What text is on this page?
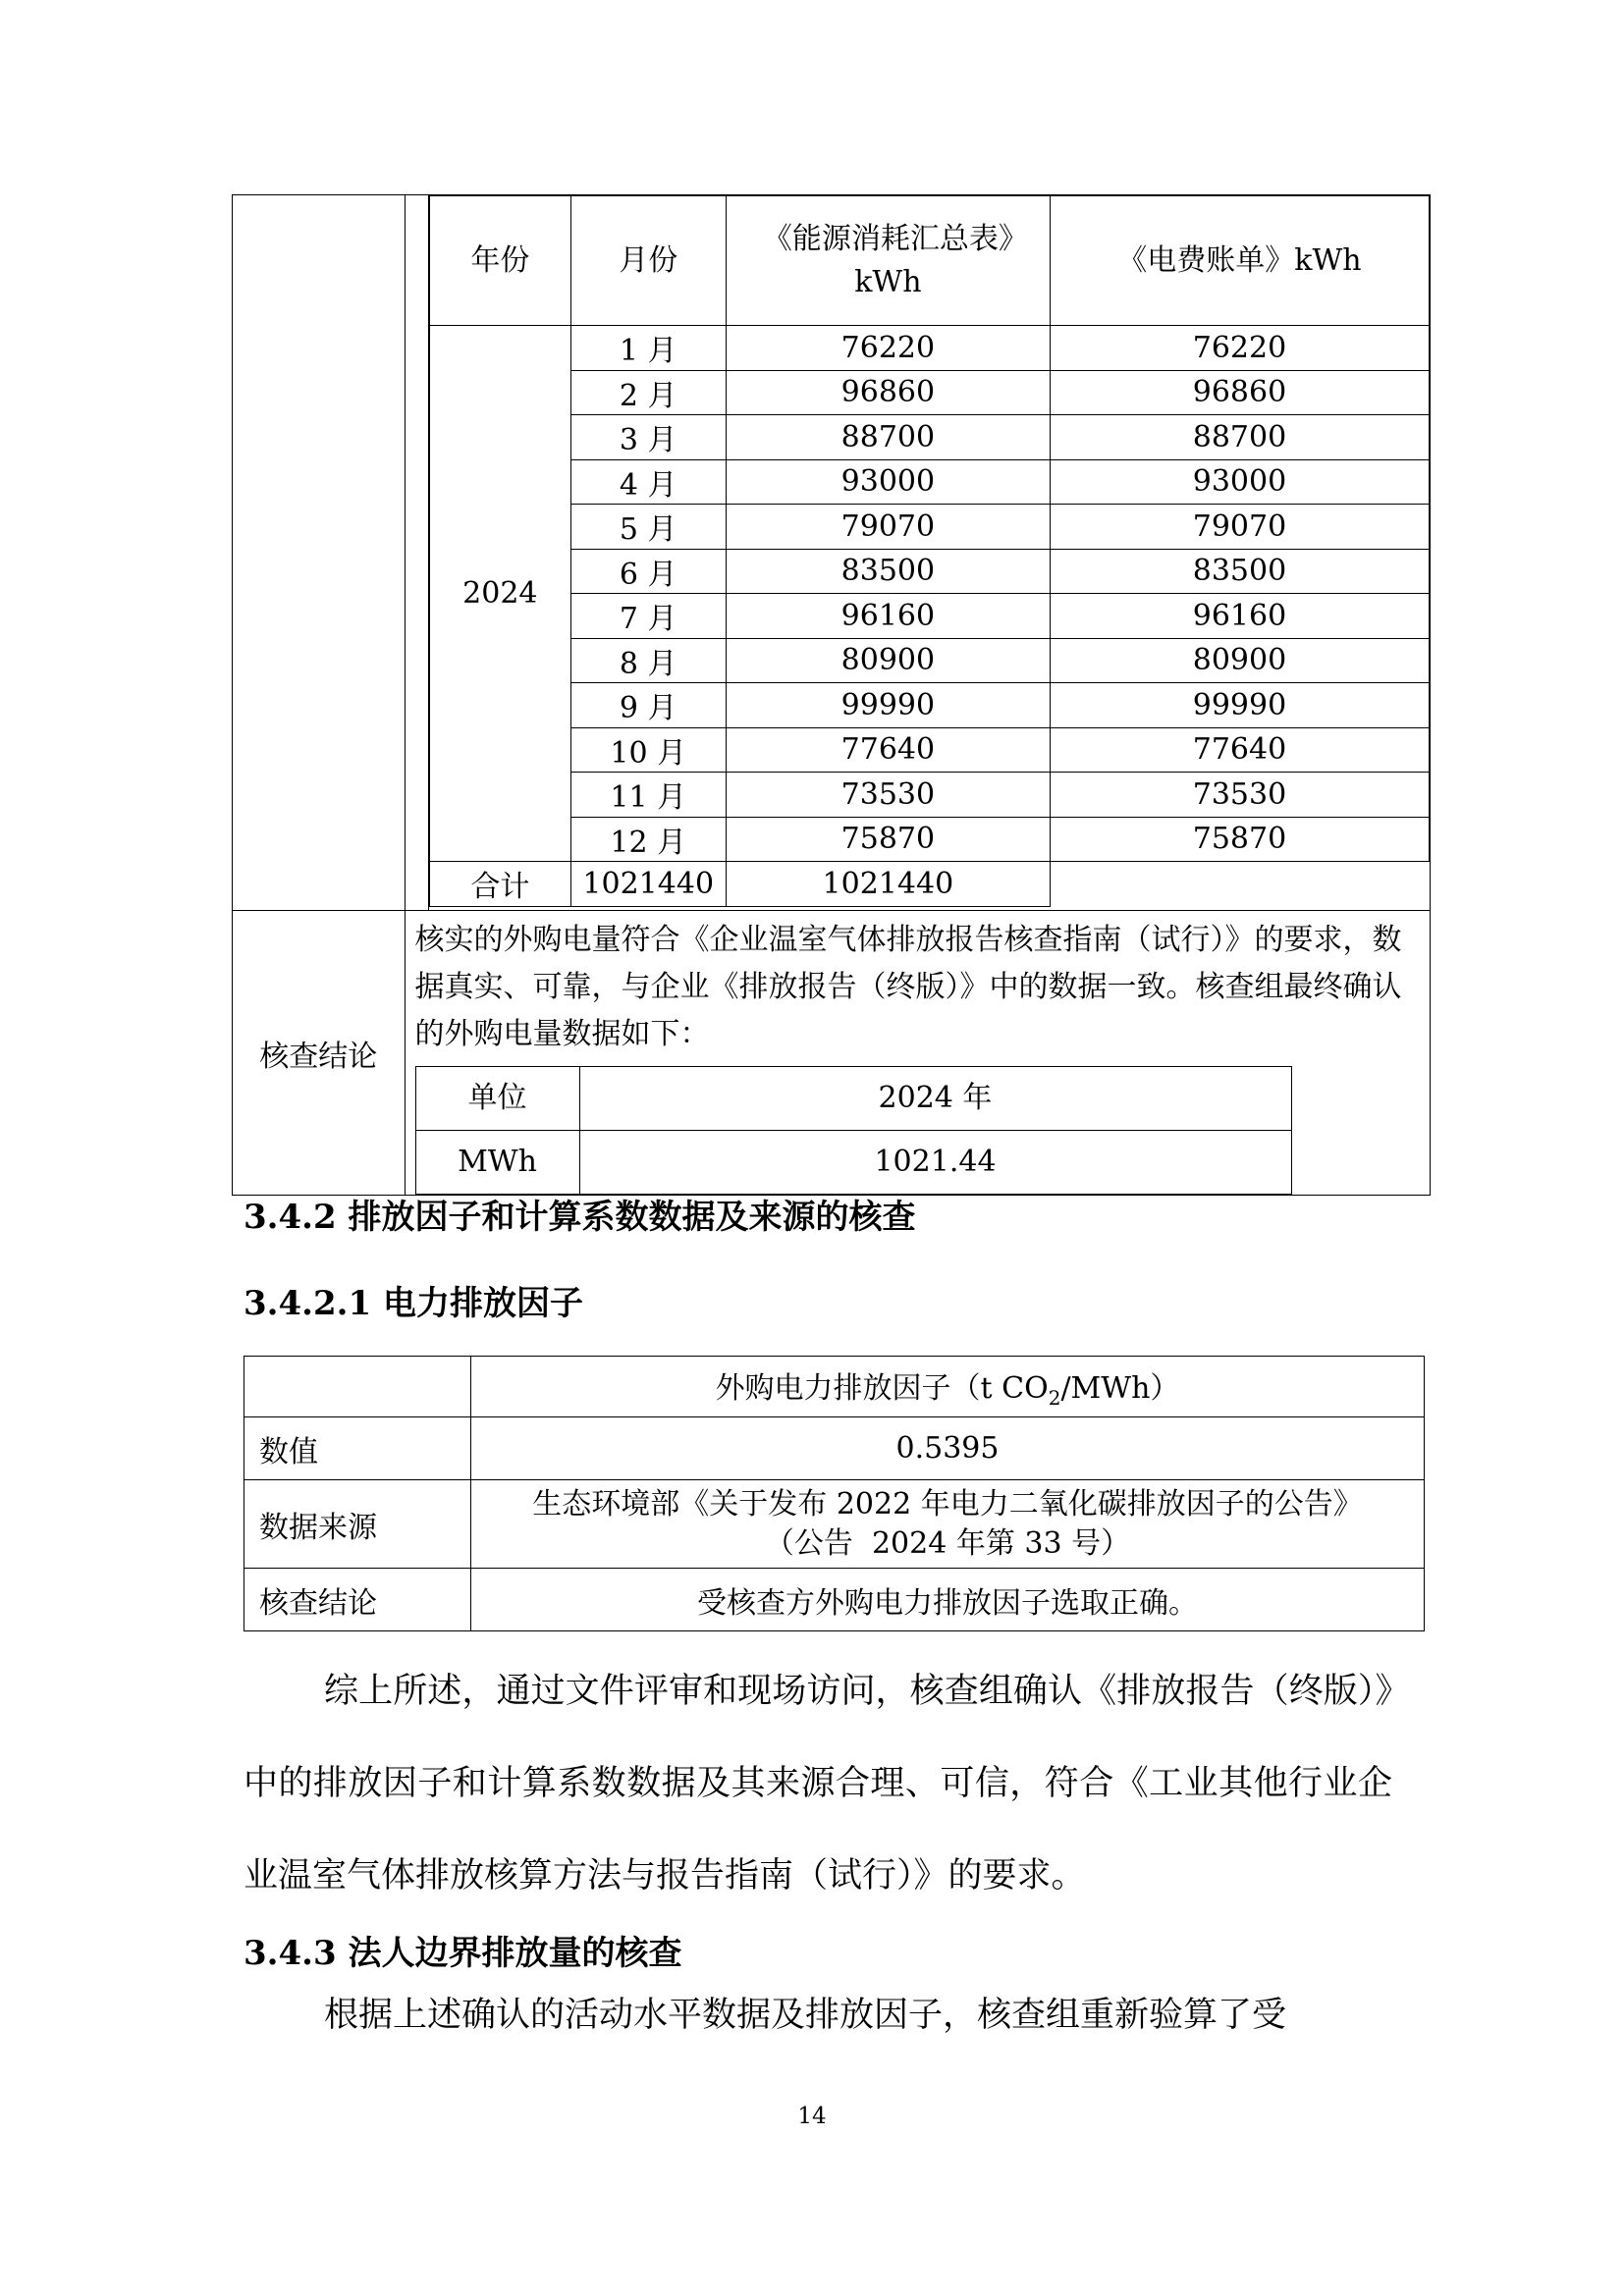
年份	月份	《能源消耗汇总表》kWh	《电费账单》kWh	
2024	1 月	76220	76220
2 月	96860	96860
3 月	88700	88700
4 月	93000	93000
5 月	79070	79070
6 月	83500	83500
7 月	96160	96160
8 月	80900	80900
9 月	99990	99990
10 月	77640	77640
11 月	73530	73530
12 月	75870	75870
合计	1021440	1021440

核查结论	
核实的外购电量符合《企业温室气体排放报告核查指南（试行）》的要求，数据真实、可靠，与企业《排放报告（终版）》中的数据一致。核查组最终确认的外购电量数据如下：
单位	2024 年
MWh	1021.44
3.4.2 排放因子和计算系数数据及来源的核查
3.4.2.1 电力排放因子
	外购电力排放因子（t $CO_2/MWh$）
数值	0.5395
数据来源	生态环境部《关于发布 2022 年电力二氧化碳排放因子的公告》
（公告  2024 年第 33 号）

核查结论	受核查方外购电力排放因子选取正确。

综上所述，通过文件评审和现场访问，核查组确认《排放报告（终版）》中的排放因子和计算系数数据及其来源合理、可信，符合《工业其他行业企业温室气体排放核算方法与报告指南（试行）》的要求。

3.4.3 法人边界排放量的核查

根据上述确认的活动水平数据及排放因子，核查组重新验算了受

14
